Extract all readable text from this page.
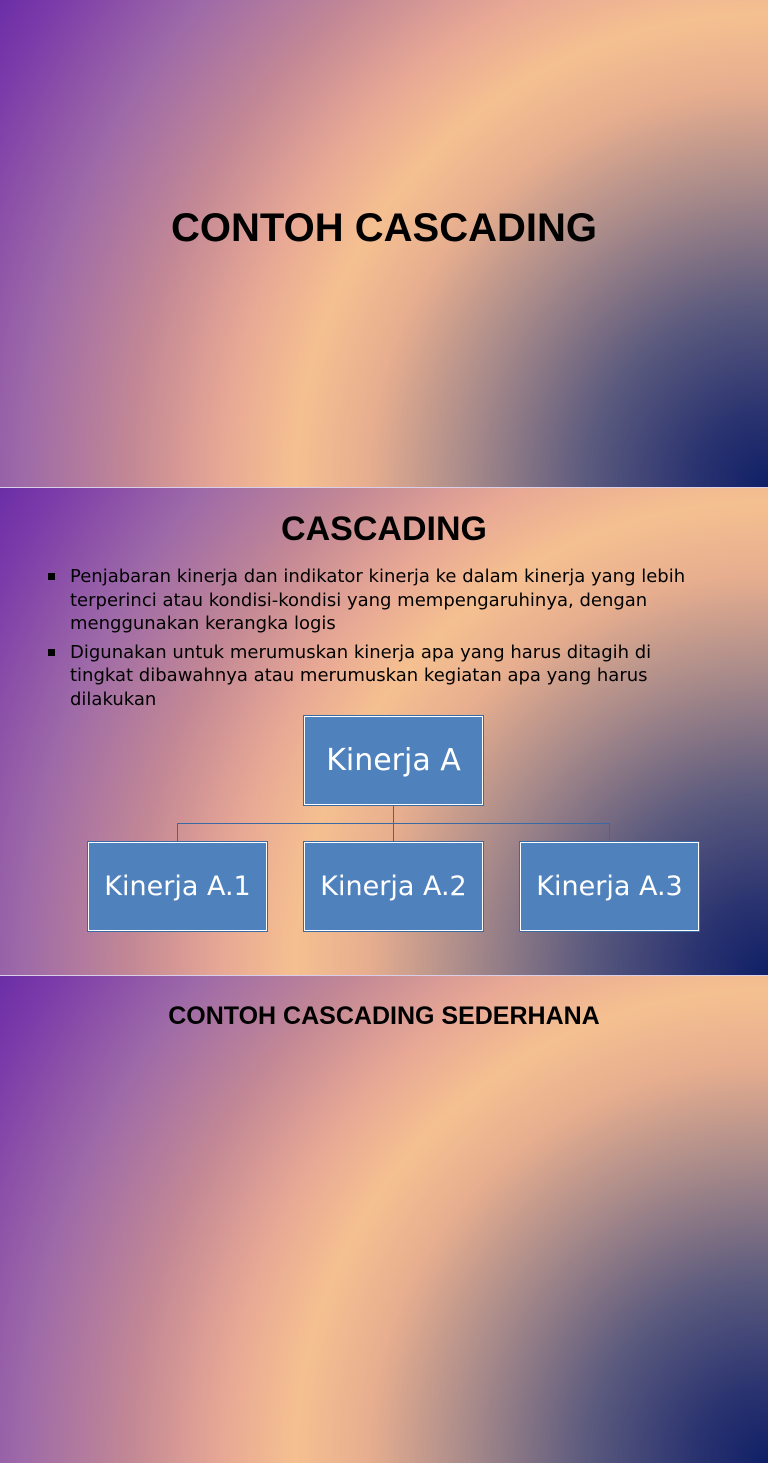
CONTOH CASCADING
CASCADING
Penjabaran kinerja dan indikator kinerja ke dalam kinerja yang lebih terperinci atau kondisi-kondisi yang mempengaruhinya, dengan menggunakan kerangka logis
Digunakan untuk merumuskan kinerja apa yang harus ditagih di tingkat dibawahnya atau merumuskan kegiatan apa yang harus dilakukan
Kinerja A
Kinerja A.1	Kinerja A.2	Kinerja A.3
CONTOH CASCADING SEDERHANA
